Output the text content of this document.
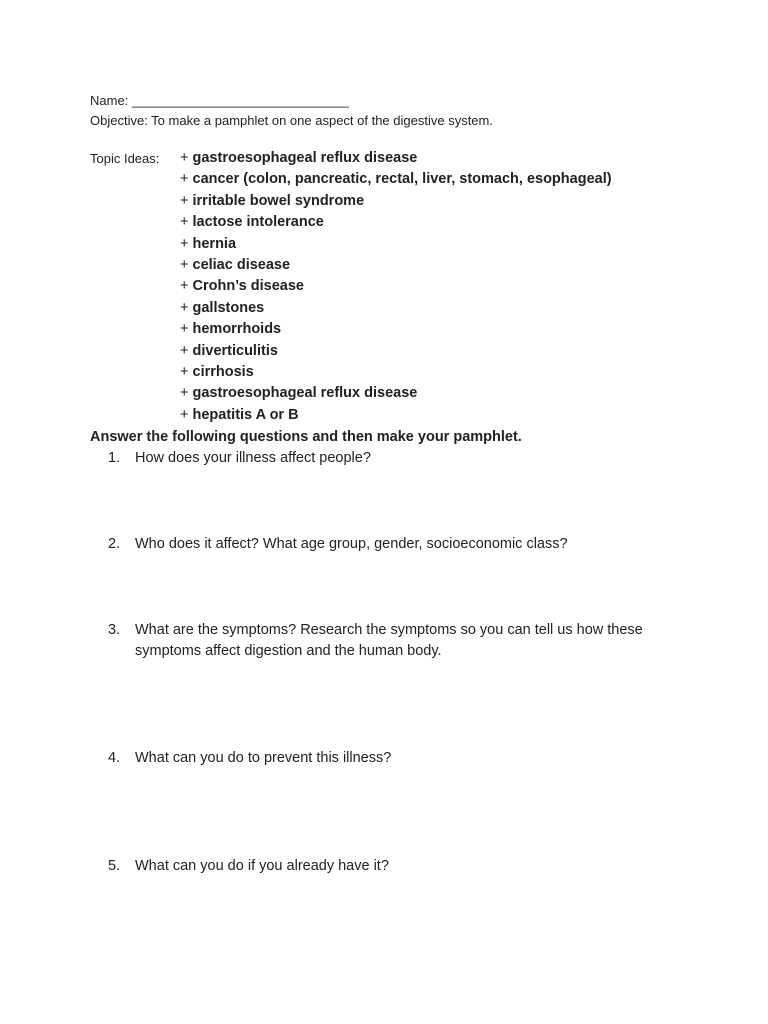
Name: ______________________________
Objective: To make a pamphlet on one aspect of the digestive system.
Topic Ideas: + gastroesophageal reflux disease
+ cancer (colon, pancreatic, rectal, liver, stomach, esophageal)
+ irritable bowel syndrome
+ lactose intolerance
+ hernia
+ celiac disease
+ Crohn’s disease
+ gallstones
+ hemorrhoids
+ diverticulitis
+ cirrhosis
+ gastroesophageal reflux disease
+ hepatitis A or B
Answer the following questions and then make your pamphlet.
1.	How does your illness affect people?
2.	Who does it affect? What age group, gender, socioeconomic class?
3.	What are the symptoms? Research the symptoms so you can tell us how these symptoms affect digestion and the human body.
4.	What can you do to prevent this illness?
5.	What can you do if you already have it?
